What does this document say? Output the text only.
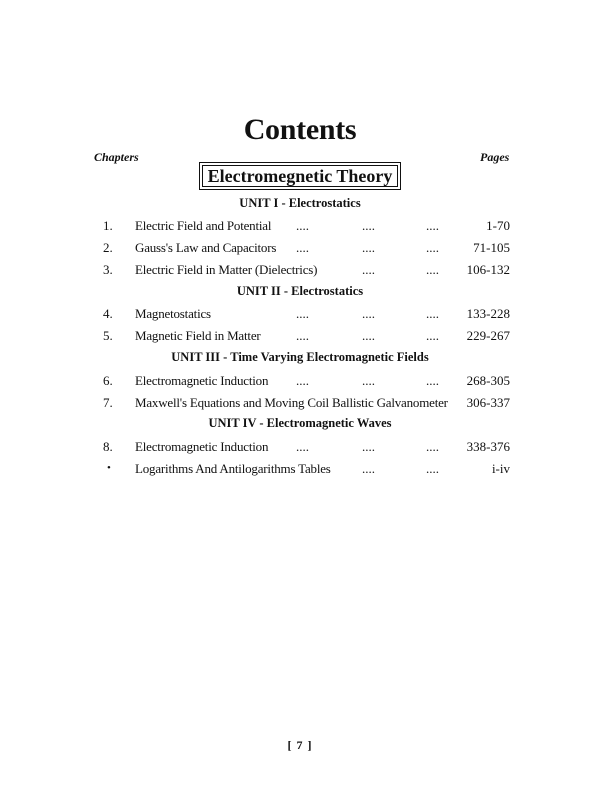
Contents
Chapters	Pages
Electromegnetic Theory
UNIT I - Electrostatics
1. Electric Field and Potential ....	....	....	1-70
2. Gauss's Law and Capacitors ....	....	....	71-105
3. Electric Field in Matter (Dielectrics)	....	.... 106-132
UNIT II - Electrostatics
4. Magnetostatics	....	....	.... 133-228
5. Magnetic Field in Matter	....	....	.... 229-267
UNIT III - Time Varying Electromagnetic Fields
6. Electromagnetic Induction ....	....	.... 268-305
7. Maxwell's Equations and Moving Coil Ballistic Galvanometer 306-337
UNIT IV - Electromagnetic Waves
8. Electromagnetic Induction ....	....	.... 338-376
• Logarithms And Antilogarithms Tables ....	....	i-iv
[ 7 ]
